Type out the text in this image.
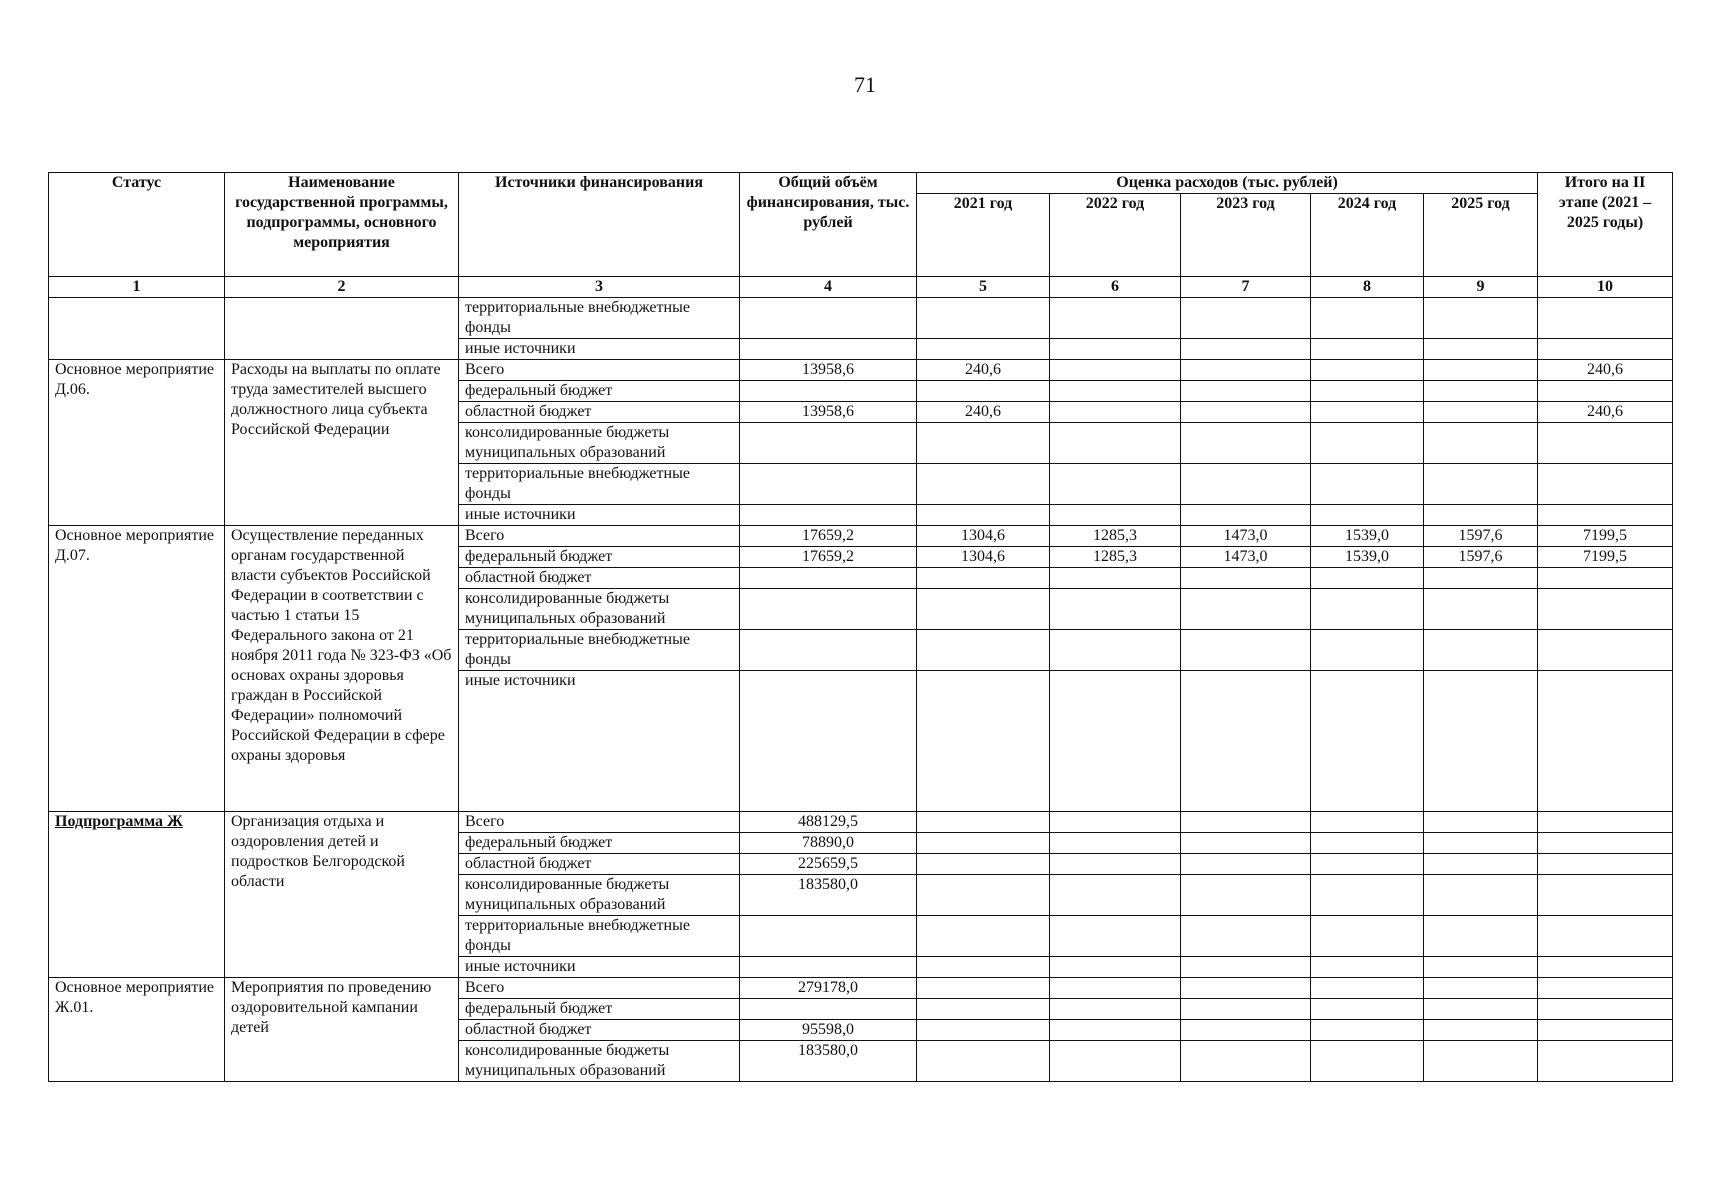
71
Статус	Наименование государственной программы, подпрограммы, основного мероприятия	Источники финансирования	Общий объём финансирования, тыс. рублей	Оценка расходов (тыс. рублей)					Итого на II этапе (2021 – 2025 годы)
				2021 год	2022 год	2023 год	2024 год	2025 год	
1	2	3	4	5	6	7	8	9	10
		территориальные внебюджетные фонды							
		иные источники							
Основное мероприятие Д.06.	Расходы на выплаты по оплате труда заместителей высшего должностного лица субъекта Российской Федерации	Всего	13958,6	240,6					240,6
		федеральный бюджет							
		областной бюджет	13958,6	240,6					240,6
		консолидированные бюджеты муниципальных образований							
		территориальные внебюджетные фонды							
		иные источники							
Основное мероприятие Д.07.	Осуществление переданных органам государственной власти субъектов Российской Федерации в соответствии с частью 1 статьи 15 Федерального закона от 21 ноября 2011 года № 323-ФЗ «Об основах охраны здоровья граждан в Российской Федерации» полномочий Российской Федерации в сфере охраны здоровья	Всего	17659,2	1304,6	1285,3	1473,0	1539,0	1597,6	7199,5
		федеральный бюджет	17659,2	1304,6	1285,3	1473,0	1539,0	1597,6	7199,5
		областной бюджет							
		консолидированные бюджеты муниципальных образований							
		территориальные внебюджетные фонды							
		иные источники							
Подпрограмма Ж	Организация отдыха и оздоровления детей и подростков Белгородской области	Всего	488129,5						
		федеральный бюджет	78890,0						
		областной бюджет	225659,5						
		консолидированные бюджеты муниципальных образований	183580,0						
		территориальные внебюджетные фонды							
		иные источники							
Основное мероприятие Ж.01.	Мероприятия по проведению оздоровительной кампании детей	Всего	279178,0						
		федеральный бюджет							
		областной бюджет	95598,0						
		консолидированные бюджеты муниципальных образований	183580,0						
